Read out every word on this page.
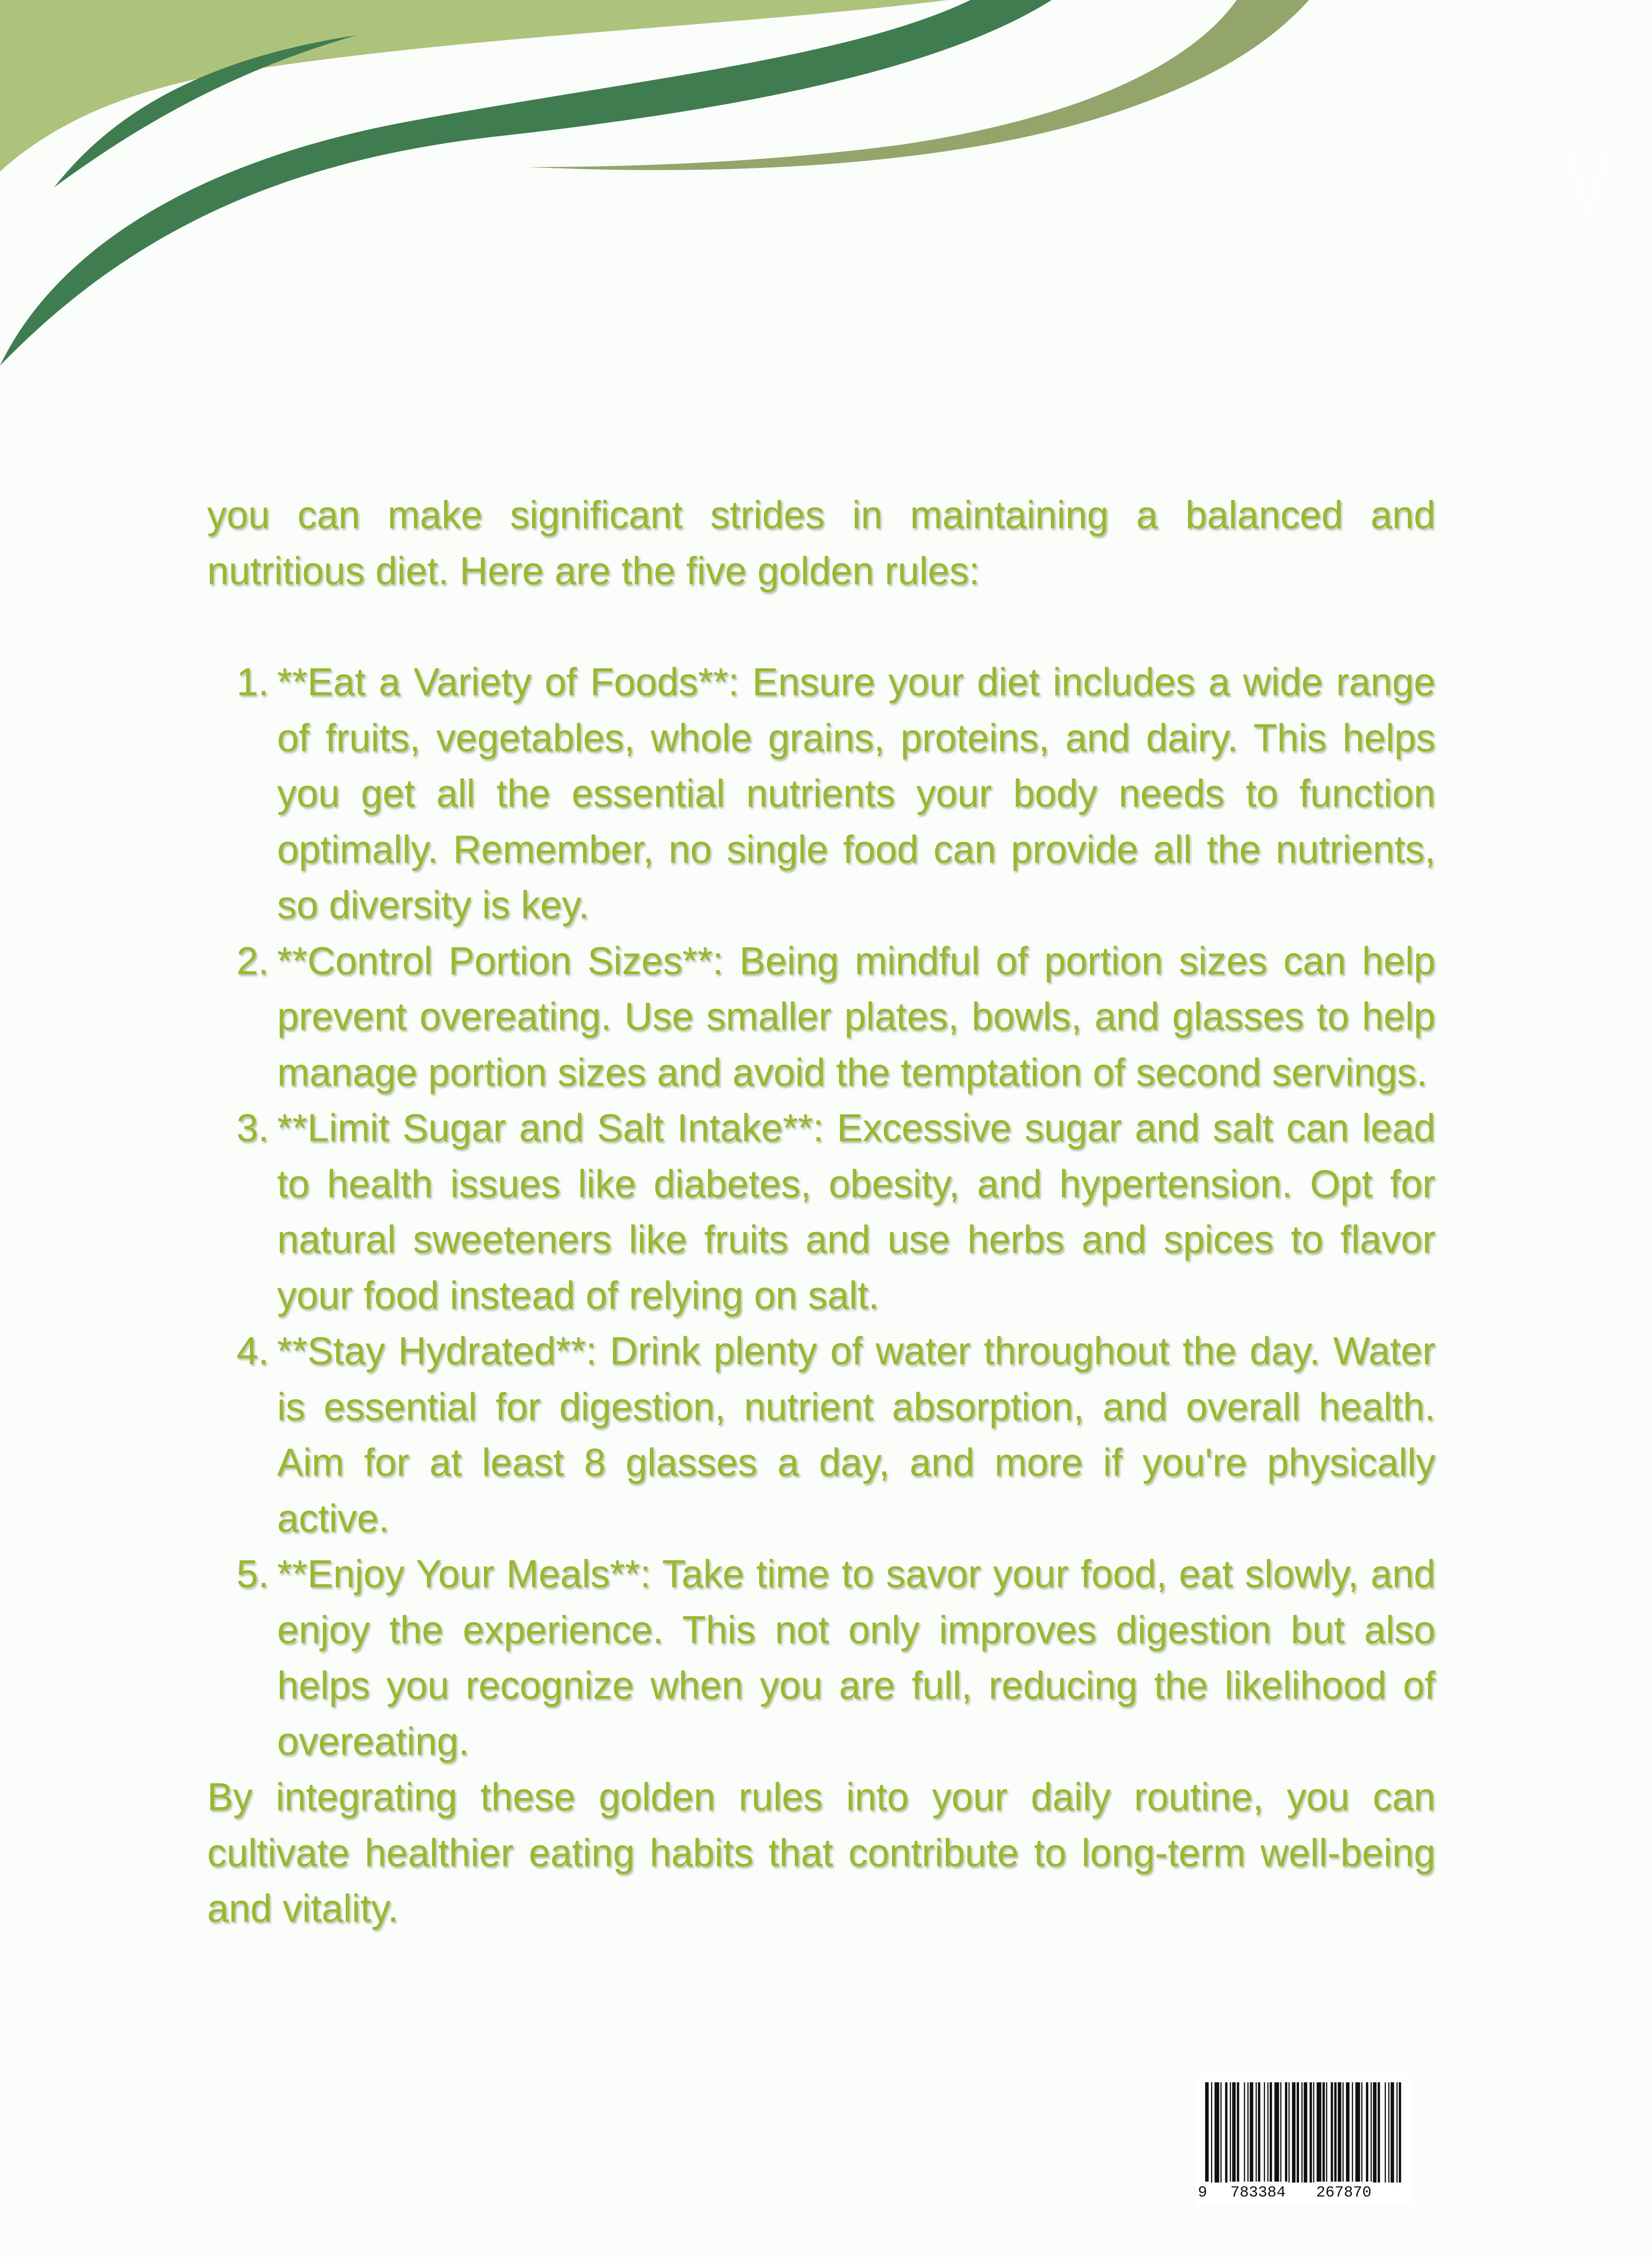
you can make significant strides in maintaining a balanced and nutritious diet. Here are the five golden rules:

1. **Eat a Variety of Foods**: Ensure your diet includes a wide range of fruits, vegetables, whole grains, proteins, and dairy. This helps you get all the essential nutrients your body needs to function optimally. Remember, no single food can provide all the nutrients, so diversity is key.
2. **Control Portion Sizes**: Being mindful of portion sizes can help prevent overeating. Use smaller plates, bowls, and glasses to help manage portion sizes and avoid the temptation of second servings.
3. **Limit Sugar and Salt Intake**: Excessive sugar and salt can lead to health issues like diabetes, obesity, and hypertension. Opt for natural sweeteners like fruits and use herbs and spices to flavor your food instead of relying on salt.
4. **Stay Hydrated**: Drink plenty of water throughout the day. Water is essential for digestion, nutrient absorption, and overall health. Aim for at least 8 glasses a day, and more if you're physically active.
5. **Enjoy Your Meals**: Take time to savor your food, eat slowly, and enjoy the experience. This not only improves digestion but also helps you recognize when you are full, reducing the likelihood of overeating.

By integrating these golden rules into your daily routine, you can cultivate healthier eating habits that contribute to long-term well-being and vitality.

9 783384 267870
